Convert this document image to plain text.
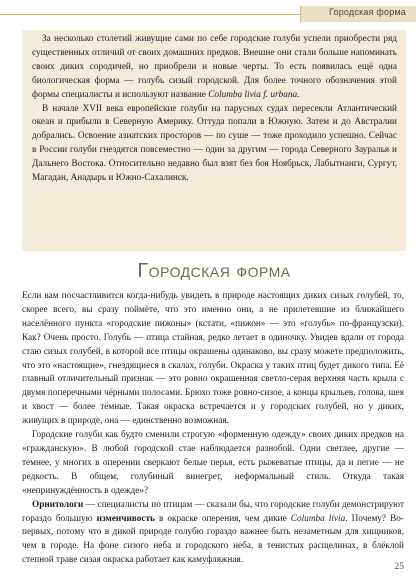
Городская форма

За несколько столетий живущие сами по себе городские голуби успели приобрести ряд существенных отличий от своих домашних предков. Внешне они стали больше напоминать своих диких сородичей, но приобрели и новые черты. То есть появилась ещё одна биологическая форма — голубь сизый городской. Для более точного обозначения этой формы специалисты и используют название Columba livia f. urbana.

В начале XVII века европейские голуби на парусных судах пересекли Атлантический океан и прибыли в Северную Америку. Оттуда попали в Южную. Затем и до Австралии добрались. Освоение азиатских просторов — по суше — тоже проходило успешно. Сейчас в России голуби гнездятся повсеместно — один за другим — города Северного Зауралья и Дальнего Востока. Относительно недавно был взят без боя Ноябрьск, Лабытнанги, Сургут, Магадан, Анадырь и Южно-Сахалинск.

Городская форма

Если вам посчастливится когда-нибудь увидеть в природе настоящих диких сизых голубей, то, скорее всего, вы сразу поймёте, что это именно они, а не прилетевшие из ближайшего населённого пункта «городские пижоны» (кстати, «пижон» — это «голубь» по-французски). Как? Очень просто. Голубь — птица стайная, редко летает в одиночку. Увидев вдали от города стаю сизых голубей, в которой все птицы окрашены одинаково, вы сразу можете предположить, что это «настоящие», гнездящиеся в скалах, голуби. Окраска у таких птиц будет дикого типа. Её главный отличительный признак — это ровно окрашенная светло-серая верхняя часть крыла с двумя поперечными чёрными полосами. Брюхо тоже ровно-сизое, а концы крыльев, голова, шея и хвост — более тёмные. Такая окраска встречается и у городских голубей, но у диких, живущих в природе, она — единственно возможная.

Городские голуби как будто сменили строгую «форменную одежду» своих диких предков на «гражданскую». В любой городской стае наблюдается разнобой. Одни светлее, другие — темнее, у многих в оперении сверкают белые перья, есть рыжеватые птицы, да и пегие — не редкость. В общем, голубиный винегрет, неформальный стиль. Откуда такая «непринуждённость в одежде»?

Орнитологи — специалисты по птицам — сказали бы, что городские голуби демонстрируют гораздо большую изменчивость в окраске оперения, чем дикие Columba livia. Почему? Во-первых, потому что в дикой природе голубю гораздо важнее быть незаметным для хищников, чем в городе. На фоне сизого неба и городского неба, в тенистых расщелинах, в блёклой степной траве сизая окраска работает как камуфляжная.

25
